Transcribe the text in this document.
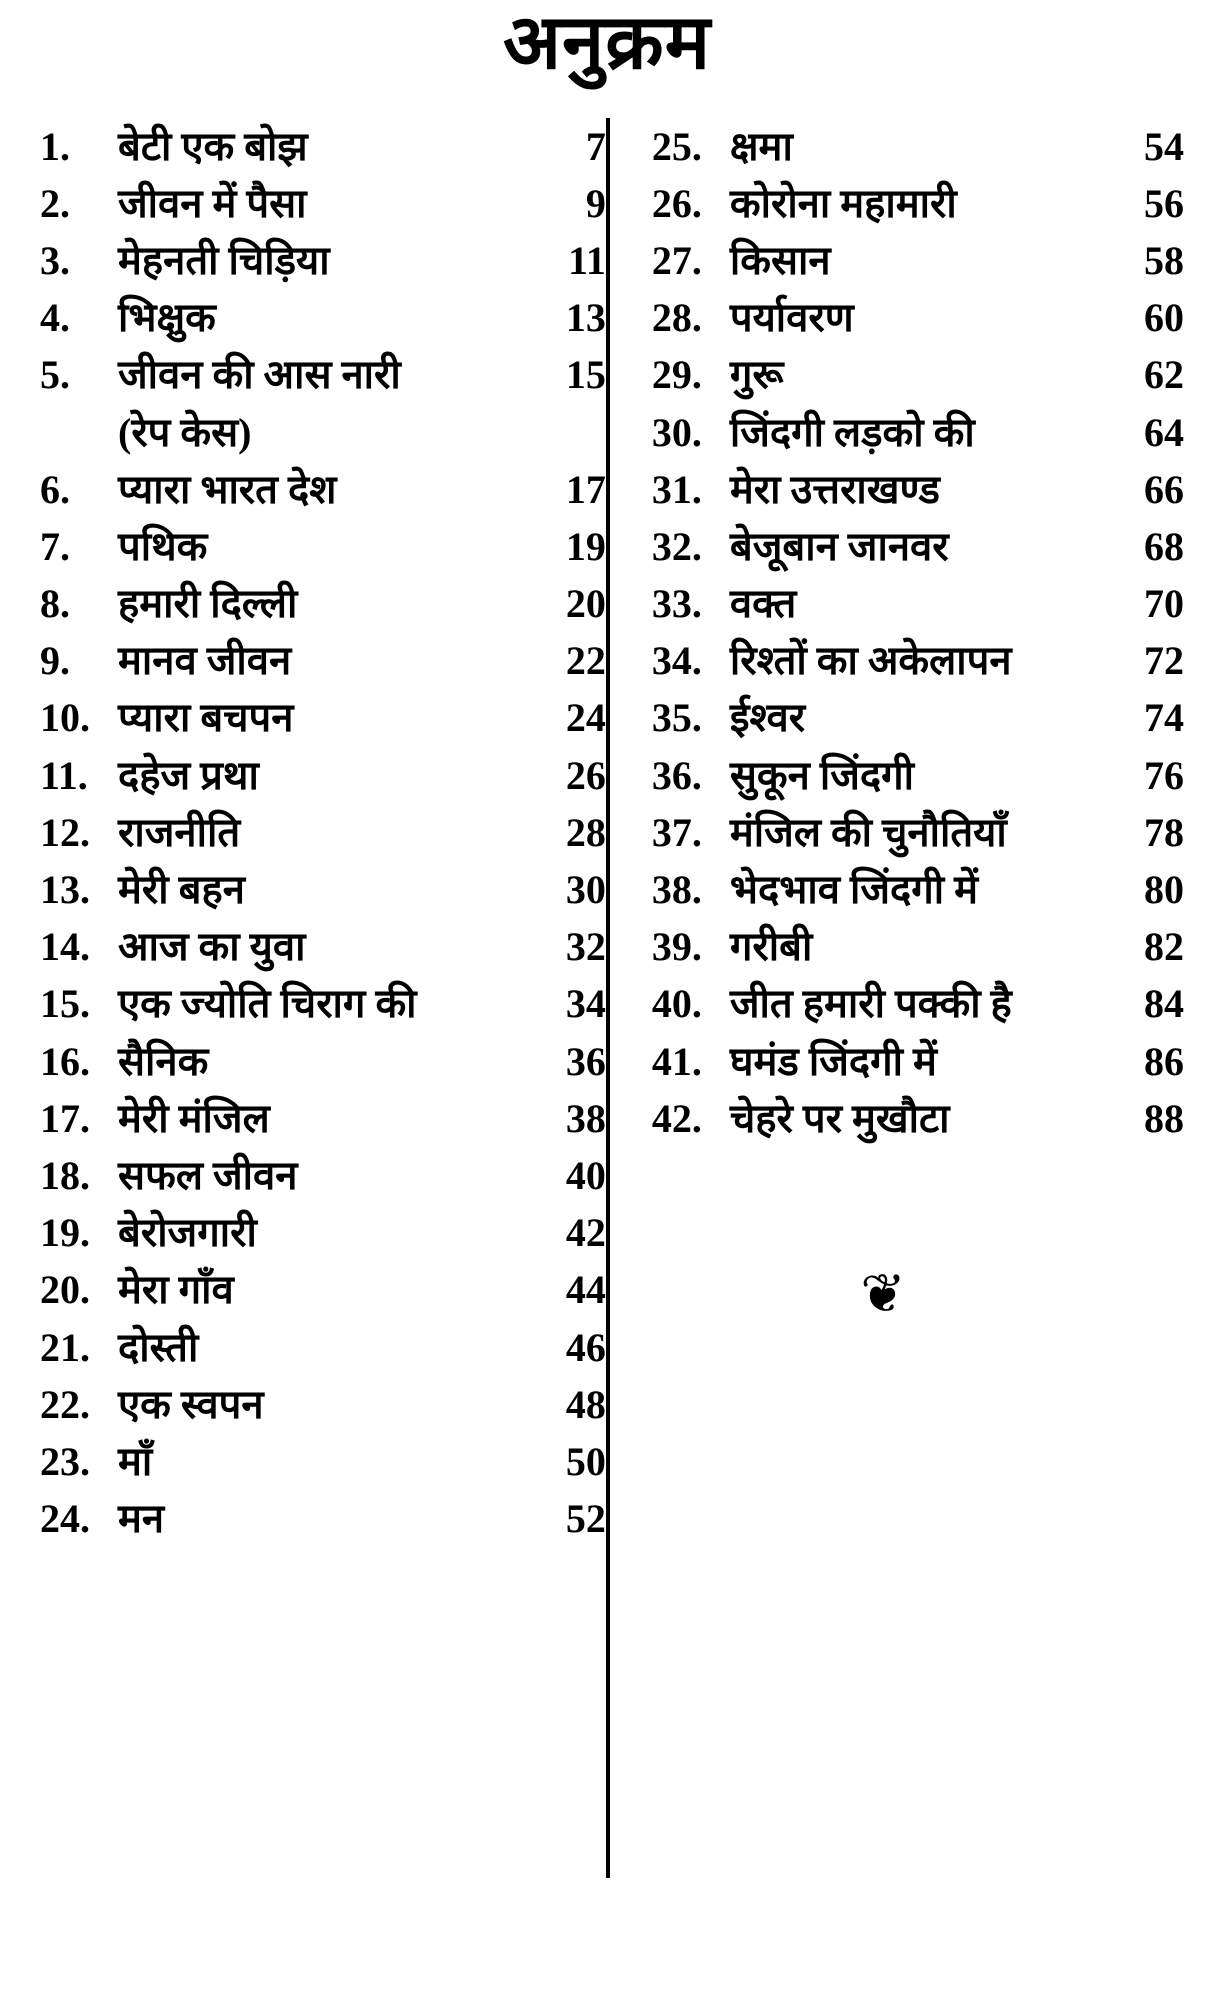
अनुक्रम
1.	बेटी एक बोझ	7
2.	जीवन में पैसा	9
3.	मेहनती चिड़िया	11
4.	भिक्षुक	13
5.	जीवन की आस नारी	15
(रेप केस)
6.	प्यारा भारत देश	17
7.	पथिक	19
8.	हमारी दिल्ली	20
9.	मानव जीवन	22
10. प्यारा बचपन	24
11. दहेज प्रथा	26
12. राजनीति	28
13. मेरी बहन	30
14. आज का युवा	32
15. एक ज्योति चिराग की	34
16. सैनिक	36
17. मेरी मंजिल	38
18. सफल जीवन	40
19. बेरोजगारी	42
20. मेरा गाँव	44
21. दोस्ती	46
22. एक स्वपन	48
23. माँ	50
24. मन	52
25. क्षमा	54
26. कोरोना महामारी	56
27. किसान	58
28. पर्यावरण	60
29. गुरू	62
30. जिंदगी लड़को की	64
31. मेरा उत्तराखण्ड	66
32. बेजूबान जानवर	68
33. वक्त	70
34. रिश्तों का अकेलापन	72
35. ईश्वर	74
36. सुकून जिंदगी	76
37. मंजिल की चुनौतियाँ	78
38. भेदभाव जिंदगी में	80
39. गरीबी	82
40. जीत हमारी पक्की है	84
41. घमंड जिंदगी में	86
42. चेहरे पर मुखौटा	88
❦
